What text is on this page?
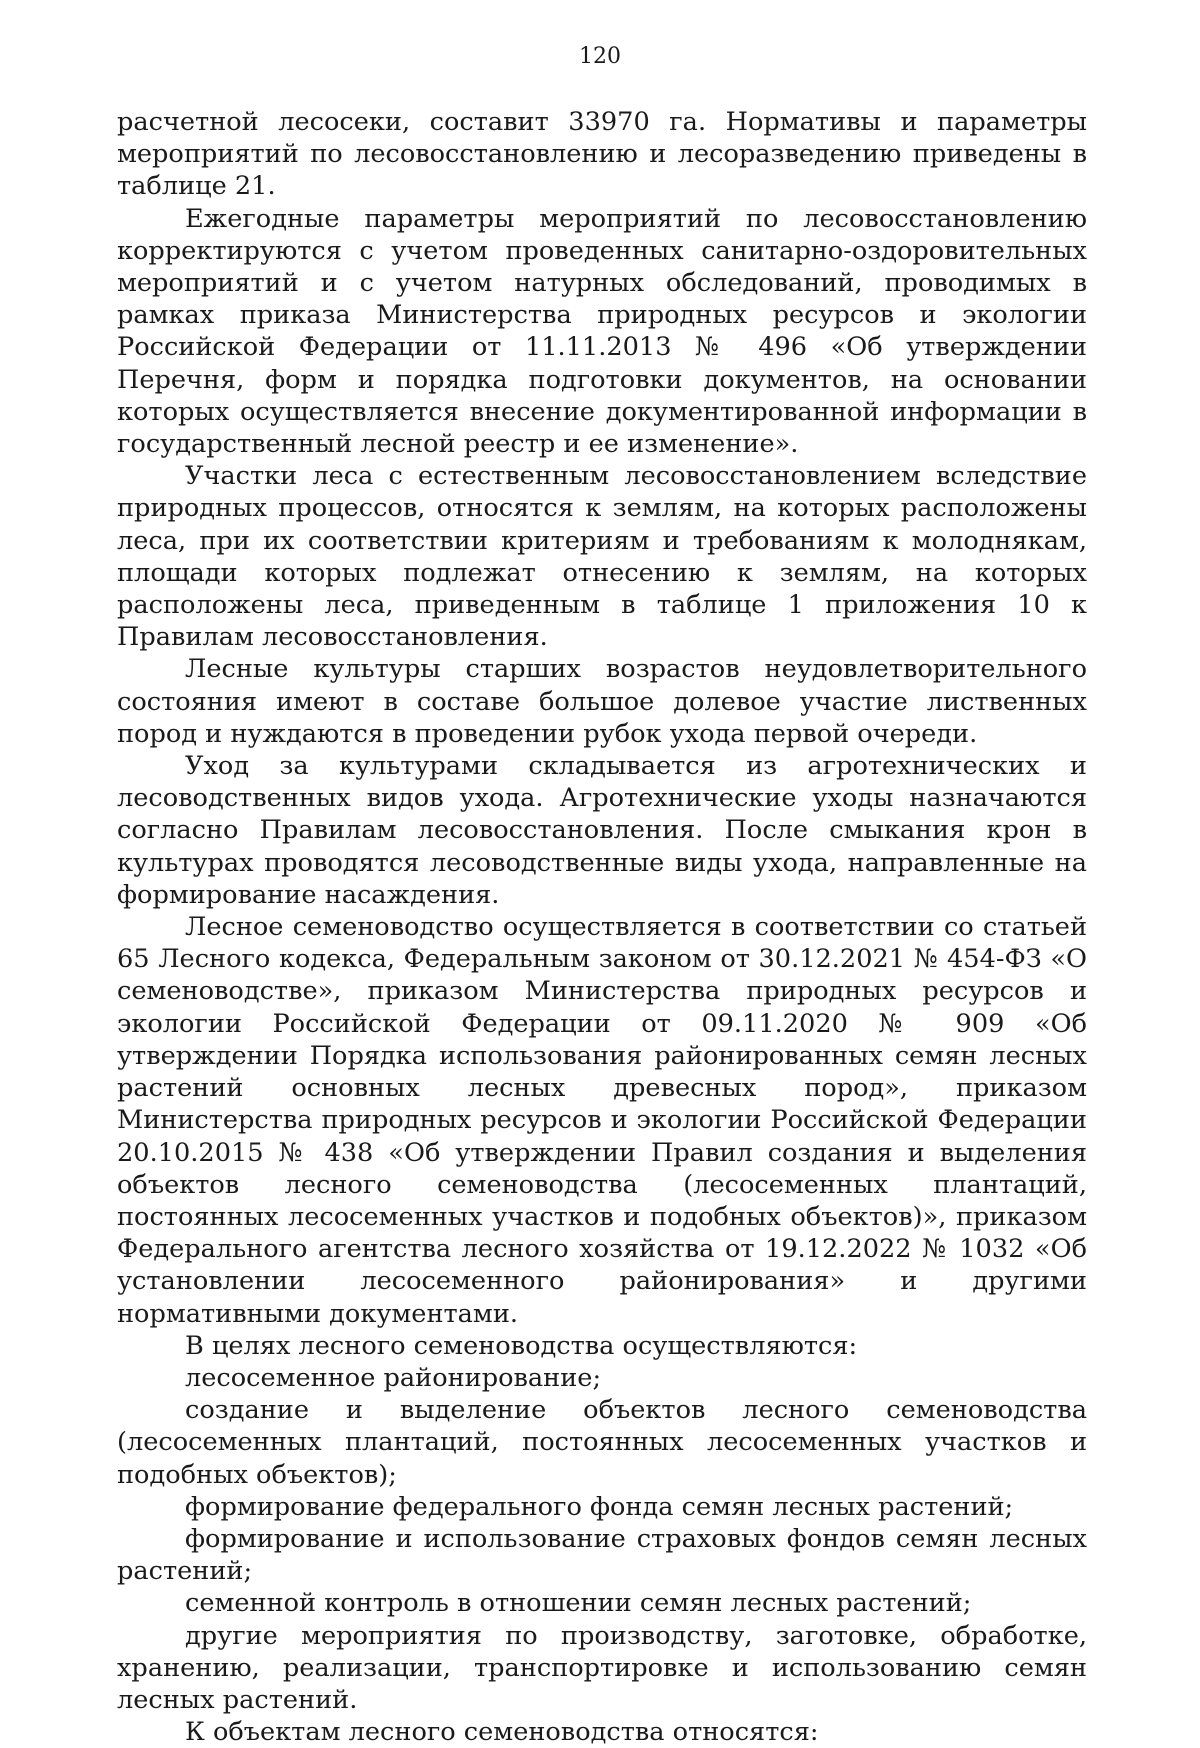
120

расчетной лесосеки, составит 33970 га. Нормативы и параметры мероприятий по лесовосстановлению и лесоразведению приведены в таблице 21.

Ежегодные параметры мероприятий по лесовосстановлению корректируются с учетом проведенных санитарно-оздоровительных мероприятий и с учетом натурных обследований, проводимых в рамках приказа Министерства природных ресурсов и экологии Российской Федерации от 11.11.2013 № 496 «Об утверждении Перечня, форм и порядка подготовки документов, на основании которых осуществляется внесение документированной информации в государственный лесной реестр и ее изменение».

Участки леса с естественным лесовосстановлением вследствие природных процессов, относятся к землям, на которых расположены леса, при их соответствии критериям и требованиям к молоднякам, площади которых подлежат отнесению к землям, на которых расположены леса, приведенным в таблице 1 приложения 10 к Правилам лесовосстановления.

Лесные культуры старших возрастов неудовлетворительного состояния имеют в составе большое долевое участие лиственных пород и нуждаются в проведении рубок ухода первой очереди.

Уход за культурами складывается из агротехнических и лесоводственных видов ухода. Агротехнические уходы назначаются согласно Правилам лесовосстановления. После смыкания крон в культурах проводятся лесоводственные виды ухода, направленные на формирование насаждения.

Лесное семеноводство осуществляется в соответствии со статьей 65 Лесного кодекса, Федеральным законом от 30.12.2021 № 454-ФЗ «О семеноводстве», приказом Министерства природных ресурсов и экологии Российской Федерации от 09.11.2020 № 909 «Об утверждении Порядка использования районированных семян лесных растений основных лесных древесных пород», приказом Министерства природных ресурсов и экологии Российской Федерации 20.10.2015 № 438 «Об утверждении Правил создания и выделения объектов лесного семеноводства (лесосеменных плантаций, постоянных лесосеменных участков и подобных объектов)», приказом Федерального агентства лесного хозяйства от 19.12.2022 № 1032 «Об установлении лесосеменного районирования» и другими нормативными документами.

В целях лесного семеноводства осуществляются:

лесосеменное районирование;

создание и выделение объектов лесного семеноводства (лесосеменных плантаций, постоянных лесосеменных участков и подобных объектов);

формирование федерального фонда семян лесных растений;

формирование и использование страховых фондов семян лесных растений;

семенной контроль в отношении семян лесных растений;

другие мероприятия по производству, заготовке, обработке, хранению, реализации, транспортировке и использованию семян лесных растений.

К объектам лесного семеноводства относятся:
